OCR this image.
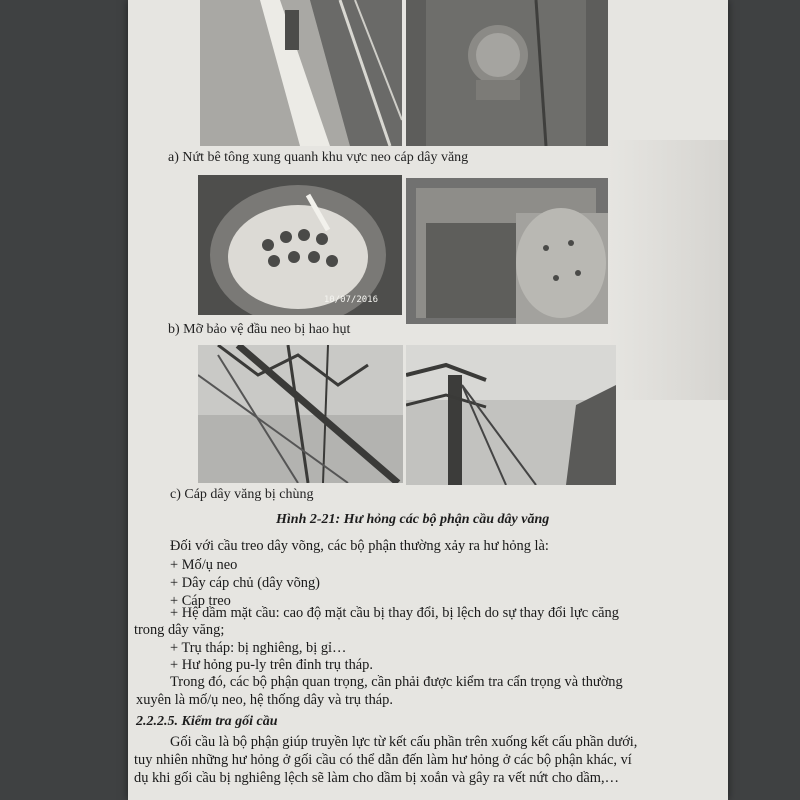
a) Nứt bê tông xung quanh khu vực neo cáp dây văng
10/07/2016
b) Mỡ bảo vệ đầu neo bị hao hụt
c) Cáp dây văng bị chùng
Hình 2-21: Hư hỏng các bộ phận cầu dây văng
Đối với cầu treo dây võng, các bộ phận thường xảy ra hư hỏng là:
+ Mố/ụ neo
+ Dây cáp chủ (dây võng)
+ Cáp treo
+ Hệ dầm mặt cầu: cao độ mặt cầu bị thay đổi, bị lệch do sự thay đổi lực căng
trong dây văng;
+ Trụ tháp: bị nghiêng, bị gỉ…
+ Hư hỏng pu-ly trên đỉnh trụ tháp.
Trong đó, các bộ phận quan trọng, cần phải được kiểm tra cẩn trọng và thường
xuyên là mố/ụ neo, hệ thống dây và trụ tháp.
2.2.2.5. Kiểm tra gối cầu
Gối cầu là bộ phận giúp truyền lực từ kết cấu phần trên xuống kết cấu phần dưới,
tuy nhiên những hư hỏng ở gối cầu có thể dẫn đến làm hư hỏng ở các bộ phận khác, ví
dụ khi gối cầu bị nghiêng lệch sẽ làm cho dầm bị xoắn và gây ra vết nứt cho dầm,…
